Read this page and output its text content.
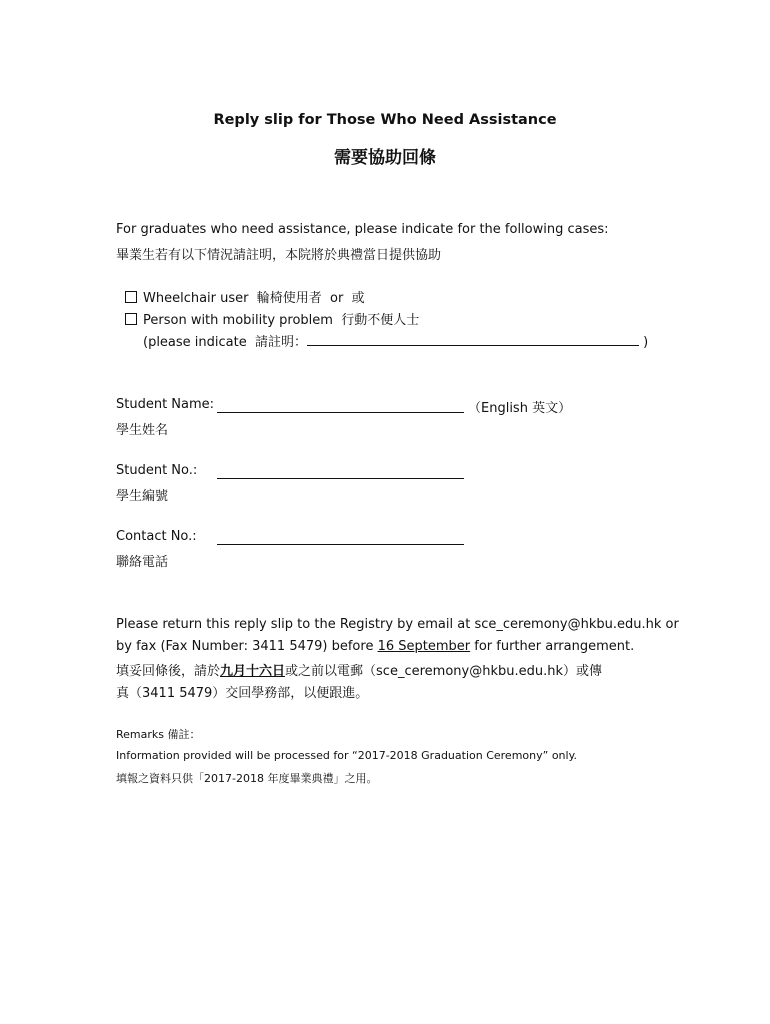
Reply slip for Those Who Need Assistance
需要協助回條
For graduates who need assistance, please indicate for the following cases:
畢業生若有以下情況請註明，本院將於典禮當日提供協助
Wheelchair user 輪椅使用者 or 或
Person with mobility problem 行動不便人士
(please indicate 請註明：	)
Student Name:	（English 英文）
學生姓名
Student No.:
學生編號
Contact No.:
聯絡電話
Please return this reply slip to the Registry by email at sce_ceremony@hkbu.edu.hk or
by fax (Fax Number: 3411 5479) before 16 September for further arrangement.
填妥回條後，請於九月十六日或之前以電郵（sce_ceremony@hkbu.edu.hk）或傳
真（3411 5479）交回學務部，以便跟進。
Remarks 備註：
Information provided will be processed for “2017-2018 Graduation Ceremony” only.
填報之資料只供「2017-2018 年度畢業典禮」之用。
